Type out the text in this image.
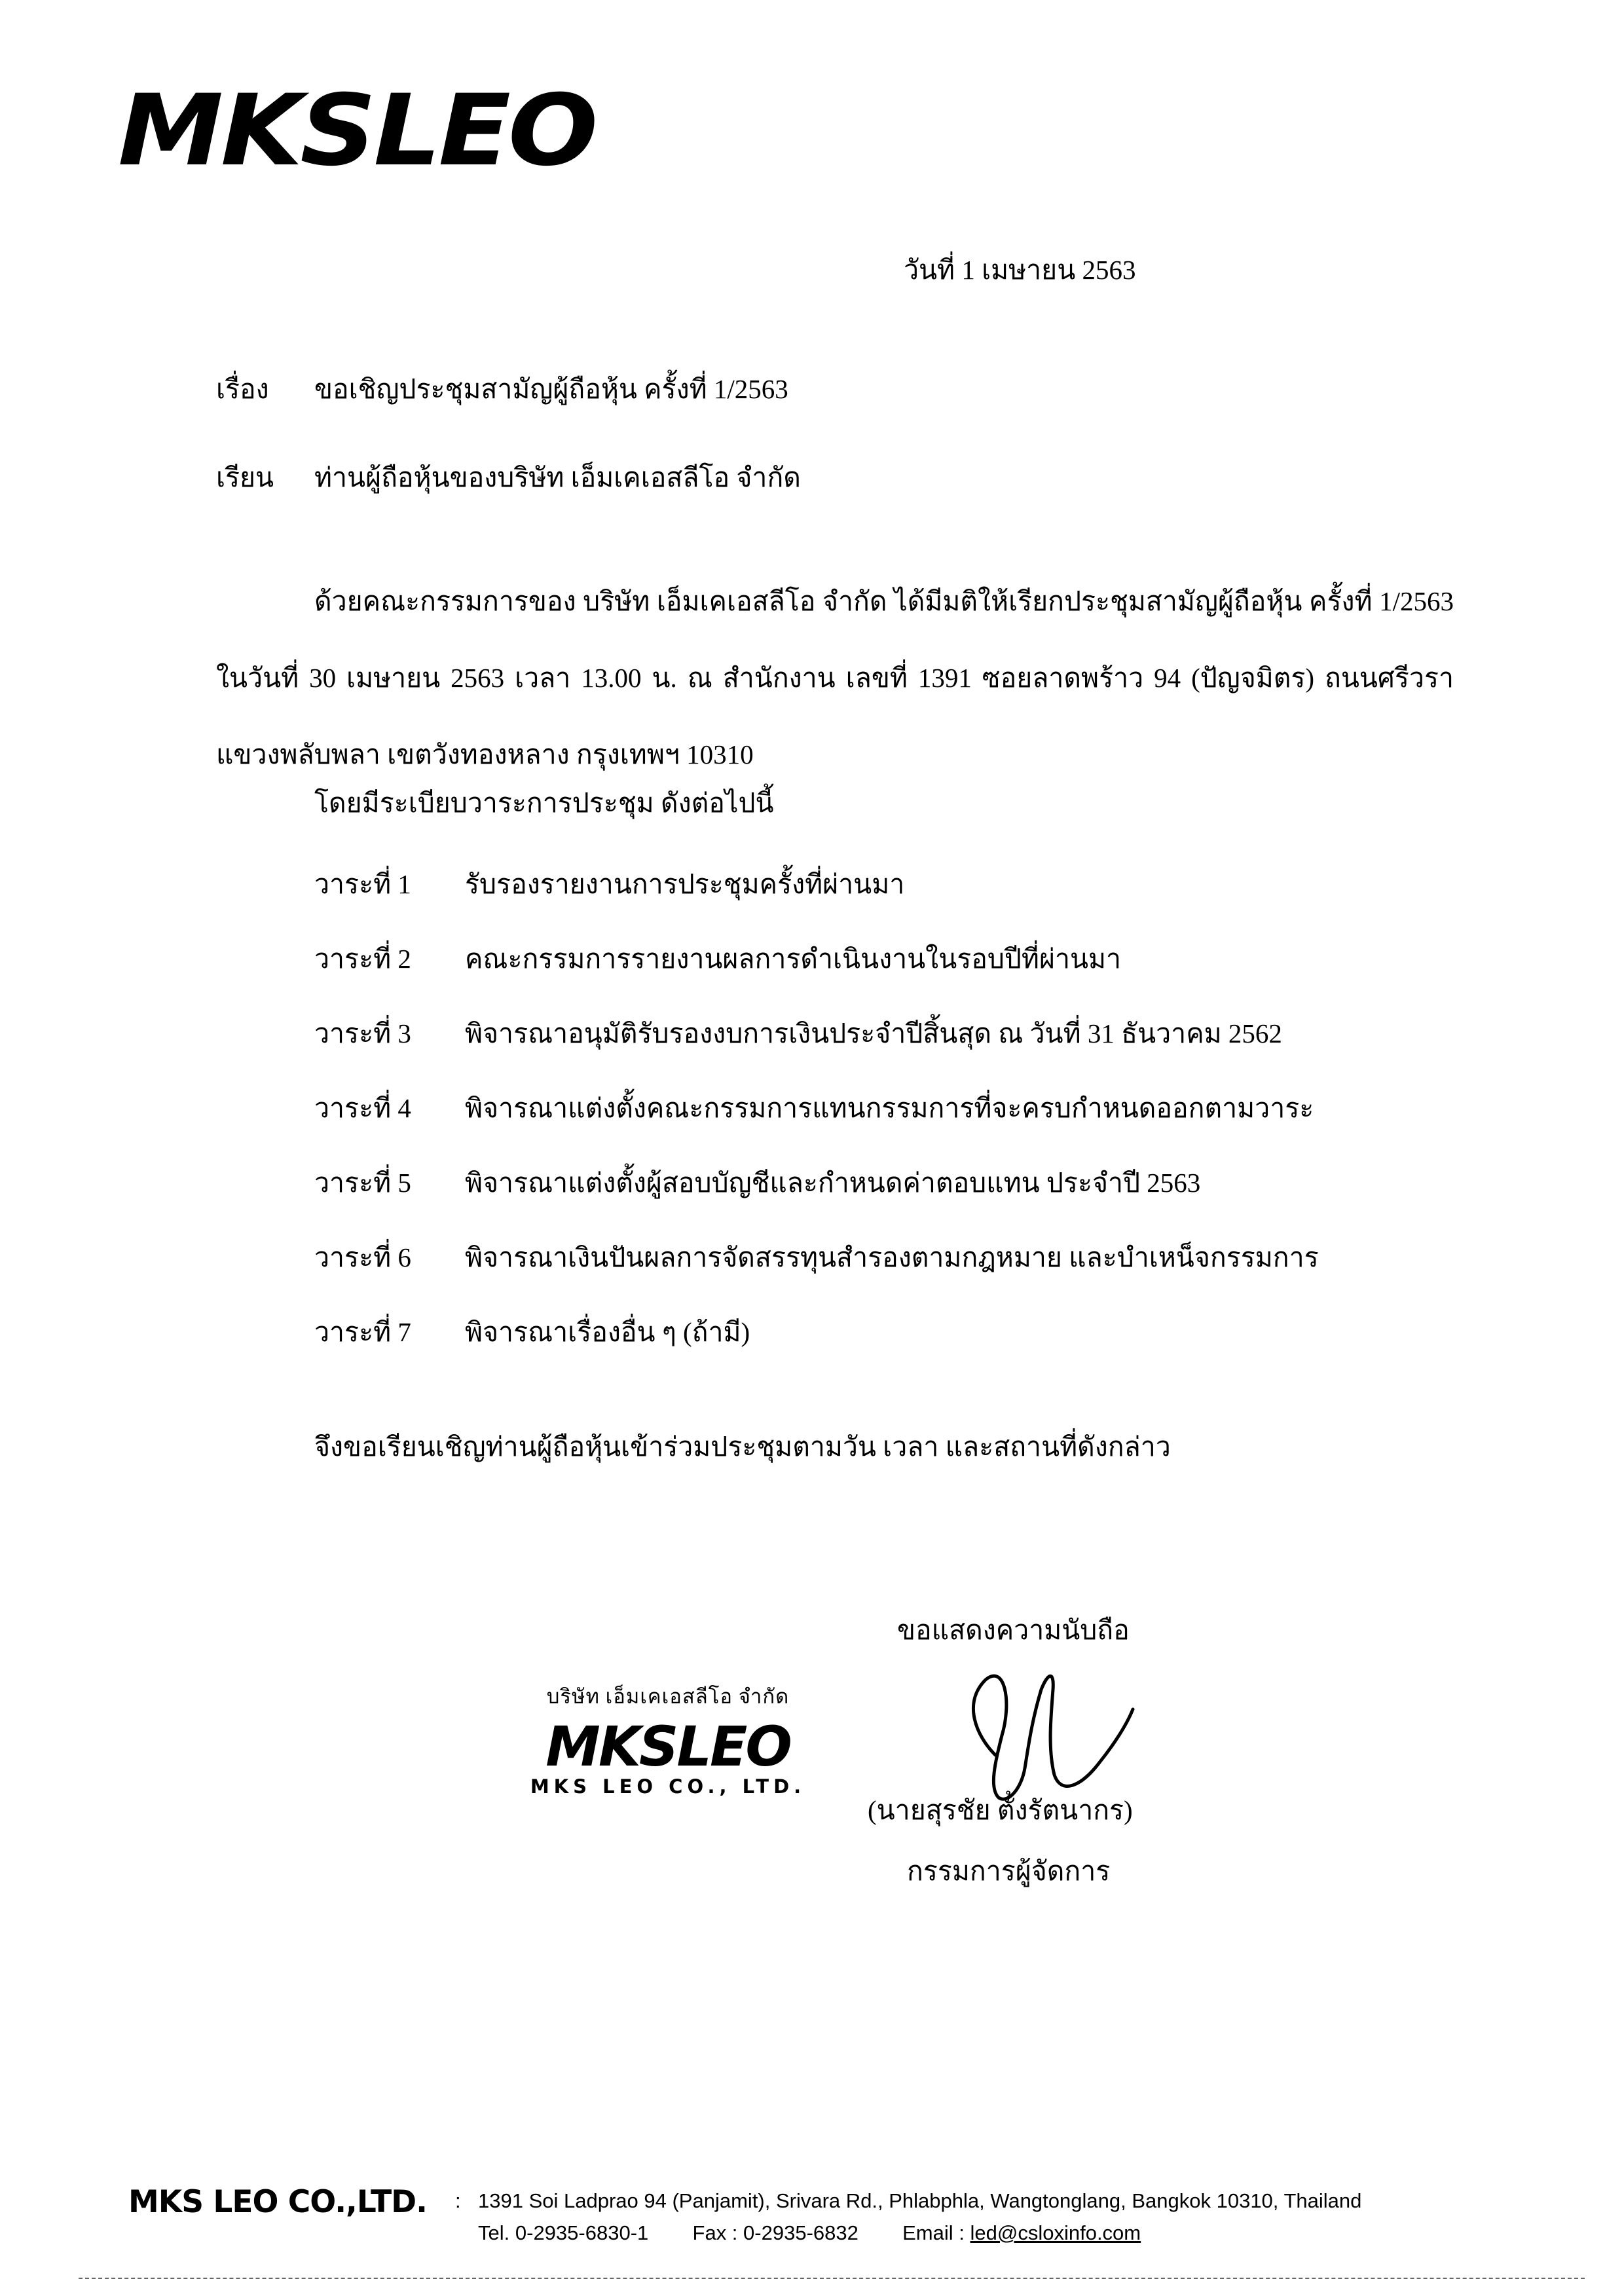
MKSLEO
วันที่ 1 เมษายน 2563
เรื่อง ขอเชิญประชุมสามัญผู้ถือหุ้น ครั้งที่ 1/2563
เรียน ท่านผู้ถือหุ้นของบริษัท เอ็มเคเอสลีโอ จำกัด
ด้วยคณะกรรมการของ บริษัท เอ็มเคเอสลีโอ จำกัด ได้มีมติให้เรียกประชุมสามัญผู้ถือหุ้น ครั้งที่ 1/2563 ในวันที่ 30 เมษายน 2563 เวลา 13.00 น. ณ สำนักงาน เลขที่ 1391 ซอยลาดพร้าว 94 (ปัญจมิตร) ถนนศรีวรา แขวงพลับพลา เขตวังทองหลาง กรุงเทพฯ 10310
โดยมีระเบียบวาระการประชุม ดังต่อไปนี้
วาระที่ 1 รับรองรายงานการประชุมครั้งที่ผ่านมา
วาระที่ 2 คณะกรรมการรายงานผลการดำเนินงานในรอบปีที่ผ่านมา
วาระที่ 3 พิจารณาอนุมัติรับรองงบการเงินประจำปีสิ้นสุด ณ วันที่ 31 ธันวาคม 2562
วาระที่ 4 พิจารณาแต่งตั้งคณะกรรมการแทนกรรมการที่จะครบกำหนดออกตามวาระ
วาระที่ 5 พิจารณาแต่งตั้งผู้สอบบัญชีและกำหนดค่าตอบแทน ประจำปี 2563
วาระที่ 6 พิจารณาเงินปันผลการจัดสรรทุนสำรองตามกฎหมาย และบำเหน็จกรรมการ
วาระที่ 7 พิจารณาเรื่องอื่น ๆ (ถ้ามี)
จึงขอเรียนเชิญท่านผู้ถือหุ้นเข้าร่วมประชุมตามวัน เวลา และสถานที่ดังกล่าว
ขอแสดงความนับถือ
บริษัท เอ็มเคเอสลีโอ จำกัด
MKSLEO
MKS LEO CO., LTD.
(นายสุรชัย ตั้งรัตนากร)
กรรมการผู้จัดการ
MKS LEO CO.,LTD. : 1391 Soi Ladprao 94 (Panjamit), Srivara Rd., Phlabphla, Wangtonglang, Bangkok 10310, Thailand
Tel. 0-2935-6830-1 Fax : 0-2935-6832 Email : led@csloxinfo.com
